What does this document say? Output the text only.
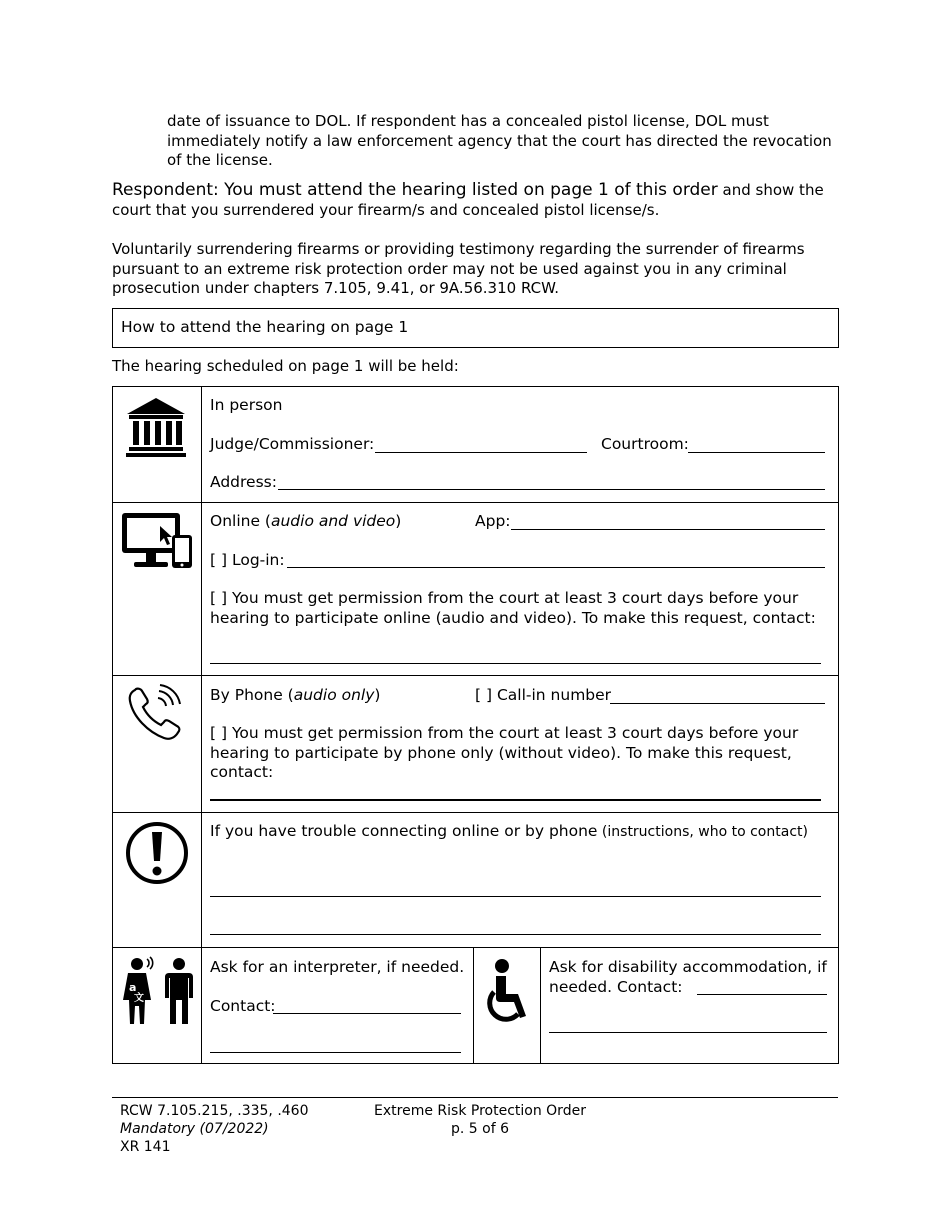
date of issuance to DOL. If respondent has a concealed pistol license, DOL must immediately notify a law enforcement agency that the court has directed the revocation of the license.
Respondent: You must attend the hearing listed on page 1 of this order and show the court that you surrendered your firearm/s and concealed pistol license/s.
Voluntarily surrendering firearms or providing testimony regarding the surrender of firearms pursuant to an extreme risk protection order may not be used against you in any criminal prosecution under chapters 7.105, 9.41, or 9A.56.310 RCW.
How to attend the hearing on page 1
The hearing scheduled on page 1 will be held:
In person
Judge/Commissioner:	Courtroom:
Address:
Online (audio and video)	App:
[ ] Log-in:
[ ] You must get permission from the court at least 3 court days before your hearing to participate online (audio and video). To make this request, contact:
By Phone (audio only)	[ ] Call-in number
[ ] You must get permission from the court at least 3 court days before your hearing to participate by phone only (without video). To make this request, contact:
If you have trouble connecting online or by phone (instructions, who to contact)
a
文
Ask for an interpreter, if needed.
Contact:
Ask for disability accommodation, if needed. Contact:
RCW 7.105.215, .335, .460
Mandatory (07/2022)
XR 141
Extreme Risk Protection Order
p. 5 of 6
